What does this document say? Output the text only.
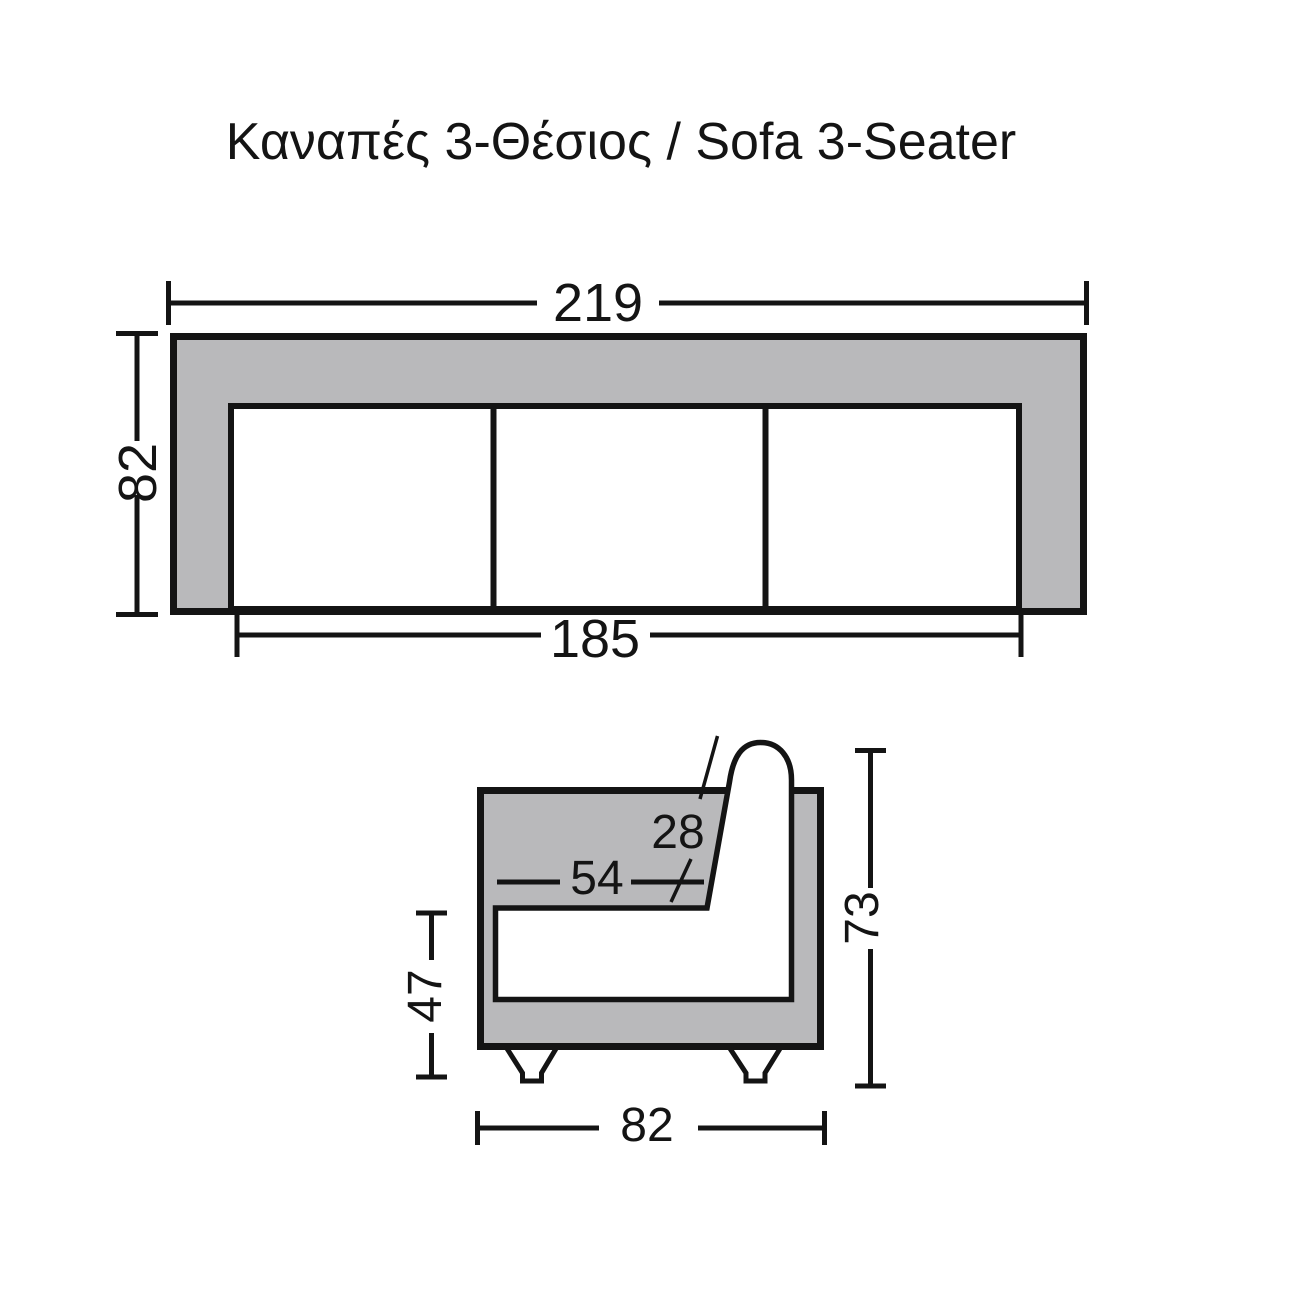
Καναπές 3-Θέσιος / Sofa 3-Seater
219
82
185
28
54
47
73
82
